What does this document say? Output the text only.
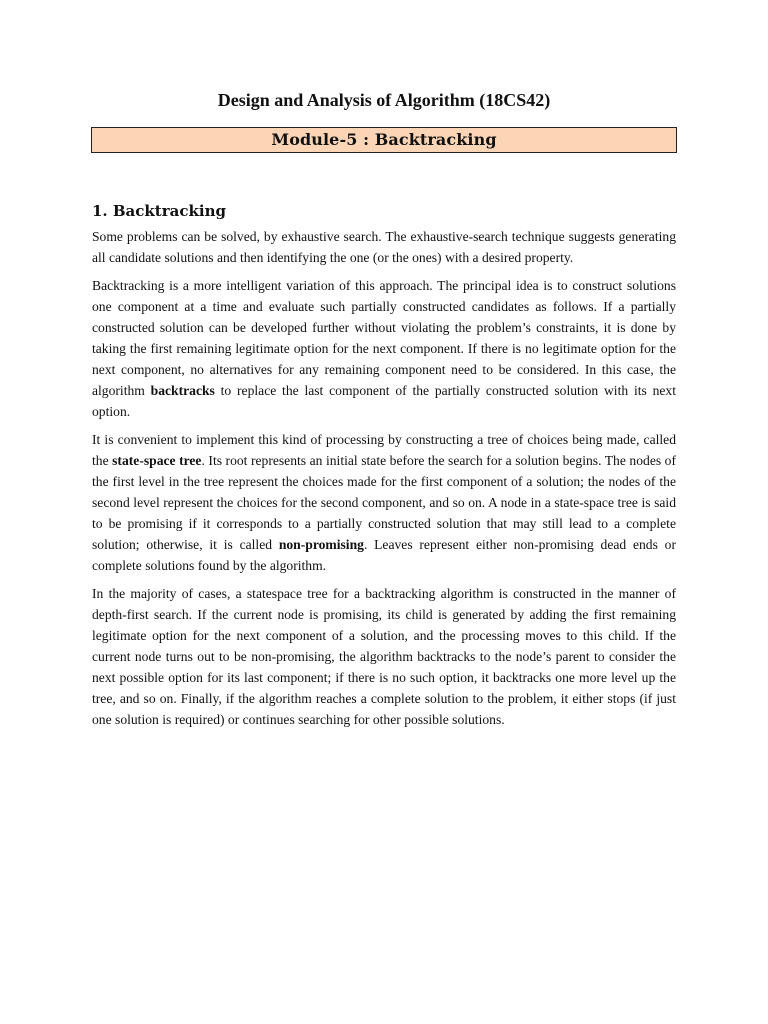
Design and Analysis of Algorithm (18CS42)
Module-5 : Backtracking
1. Backtracking

Some problems can be solved, by exhaustive search. The exhaustive-search technique suggests generating all candidate solutions and then identifying the one (or the ones) with a desired property.

Backtracking is a more intelligent variation of this approach. The principal idea is to construct solutions one component at a time and evaluate such partially constructed candidates as follows. If a partially constructed solution can be developed further without violating the problem’s constraints, it is done by taking the first remaining legitimate option for the next component. If there is no legitimate option for the next component, no alternatives for any remaining component need to be considered. In this case, the algorithm backtracks to replace the last component of the partially constructed solution with its next option.

It is convenient to implement this kind of processing by constructing a tree of choices being made, called the state-space tree. Its root represents an initial state before the search for a solution begins. The nodes of the first level in the tree represent the choices made for the first component of a solution; the nodes of the second level represent the choices for the second component, and so on. A node in a state-space tree is said to be promising if it corresponds to a partially constructed solution that may still lead to a complete solution; otherwise, it is called non-promising. Leaves represent either non-promising dead ends or complete solutions found by the algorithm.

In the majority of cases, a statespace tree for a backtracking algorithm is constructed in the manner of depth-first search. If the current node is promising, its child is generated by adding the first remaining legitimate option for the next component of a solution, and the processing moves to this child. If the current node turns out to be non-promising, the algorithm backtracks to the node’s parent to consider the next possible option for its last component; if there is no such option, it backtracks one more level up the tree, and so on. Finally, if the algorithm reaches a complete solution to the problem, it either stops (if just one solution is required) or continues searching for other possible solutions.
